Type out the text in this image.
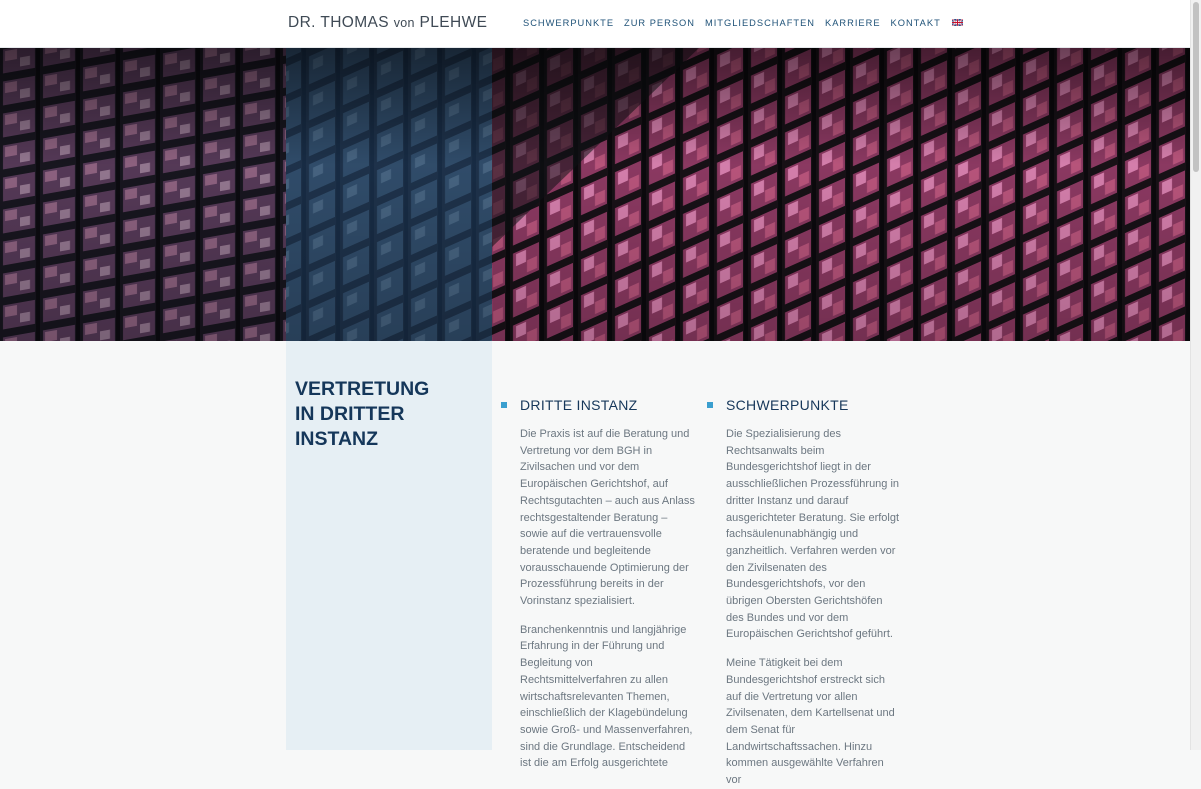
DR. THOMAS von PLEHWE	SCHWERPUNKTE ZUR PERSON MITGLIEDSCHAFTEN KARRIERE KONTAKT
VERTRETUNG
IN DRITTER
INSTANZ
DRITTE INSTANZ

Die Praxis ist auf die Beratung und Vertretung vor dem BGH in Zivilsachen und vor dem Europäischen Gerichtshof, auf Rechtsgutachten – auch aus Anlass rechtsgestaltender Beratung – sowie auf die vertrauensvolle beratende und begleitende vorausschauende Optimierung der Prozessführung bereits in der Vorinstanz spezialisiert.

Branchenkenntnis und langjährige Erfahrung in der Führung und Begleitung von Rechtsmittelverfahren zu allen wirtschaftsrelevanten Themen, einschließlich der Klagebündelung sowie Groß- und Massenverfahren, sind die Grundlage. Entscheidend ist die am Erfolg ausgerichtete

SCHWERPUNKTE

Die Spezialisierung des Rechtsanwalts beim Bundesgerichtshof liegt in der ausschließlichen Prozessführung in dritter Instanz und darauf ausgerichteter Beratung. Sie erfolgt fachsäulenunabhängig und ganzheitlich. Verfahren werden vor den Zivilsenaten des Bundesgerichtshofs, vor den übrigen Obersten Gerichtshöfen des Bundes und vor dem Europäischen Gerichtshof geführt.

Meine Tätigkeit bei dem Bundesgerichtshof erstreckt sich auf die Vertretung vor allen Zivilsenaten, dem Kartellsenat und dem Senat für Landwirtschaftssachen. Hinzu kommen ausgewählte Verfahren vor
